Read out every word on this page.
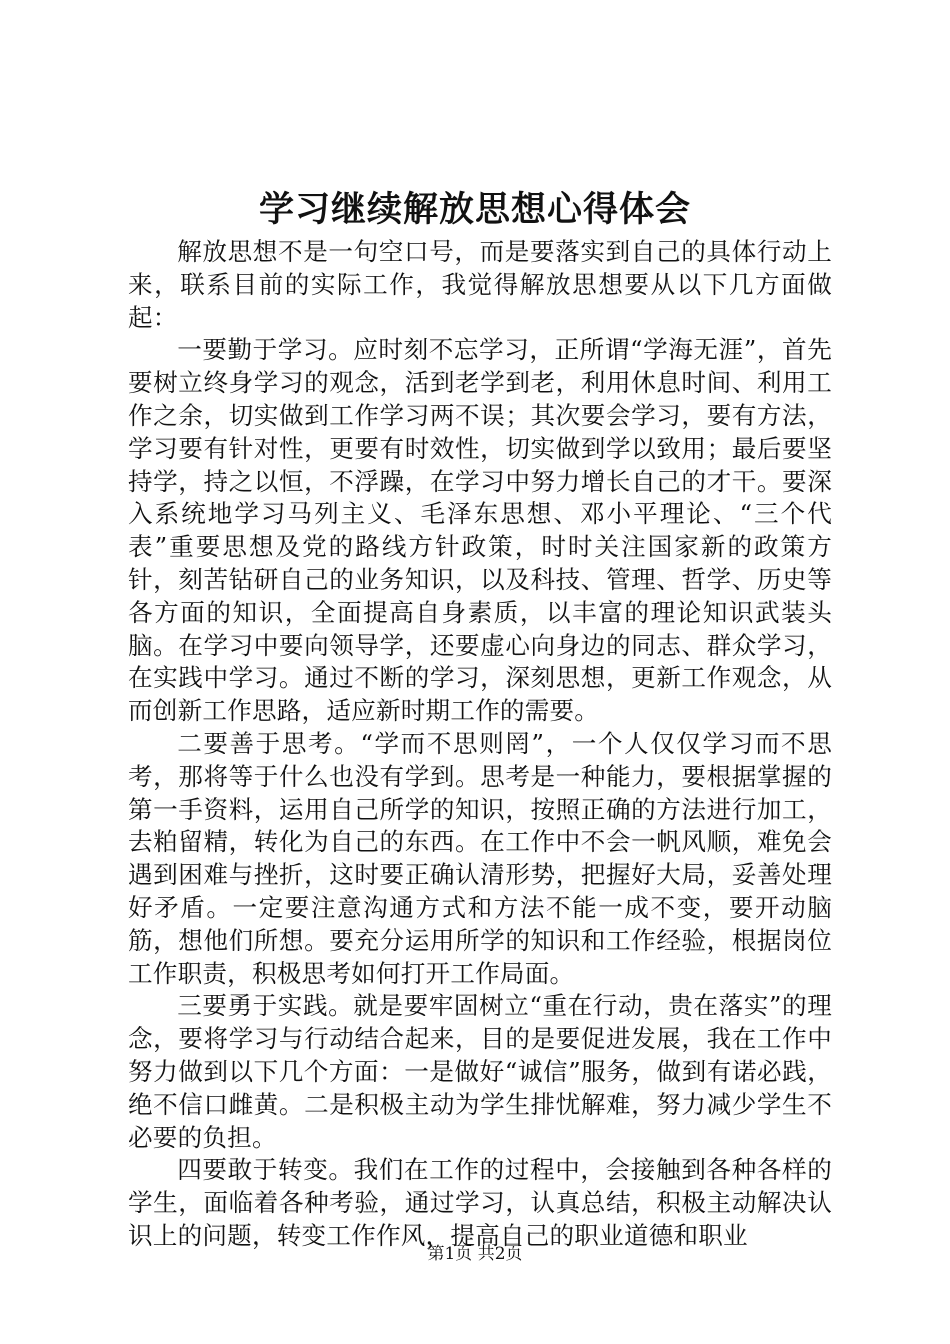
学习继续解放思想心得体会

解放思想不是一句空口号，而是要落实到自己的具体行动上来，联系目前的实际工作，我觉得解放思想要从以下几方面做起：

一要勤于学习。应时刻不忘学习，正所谓“学海无涯”，首先要树立终身学习的观念，活到老学到老，利用休息时间、利用工作之余，切实做到工作学习两不误；其次要会学习，要有方法，学习要有针对性，更要有时效性，切实做到学以致用；最后要坚持学，持之以恒，不浮躁，在学习中努力增长自己的才干。要深入系统地学习马列主义、毛泽东思想、邓小平理论、“三个代表”重要思想及党的路线方针政策，时时关注国家新的政策方针，刻苦钻研自己的业务知识，以及科技、管理、哲学、历史等各方面的知识，全面提高自身素质，以丰富的理论知识武装头脑。在学习中要向领导学，还要虚心向身边的同志、群众学习，在实践中学习。通过不断的学习，深刻思想，更新工作观念，从而创新工作思路，适应新时期工作的需要。

二要善于思考。“学而不思则罔”，一个人仅仅学习而不思考，那将等于什么也没有学到。思考是一种能力，要根据掌握的第一手资料，运用自己所学的知识，按照正确的方法进行加工，去粕留精，转化为自己的东西。在工作中不会一帆风顺，难免会遇到困难与挫折，这时要正确认清形势，把握好大局，妥善处理好矛盾。一定要注意沟通方式和方法不能一成不变，要开动脑筋，想他们所想。要充分运用所学的知识和工作经验，根据岗位工作职责，积极思考如何打开工作局面。

三要勇于实践。就是要牢固树立“重在行动，贵在落实”的理念，要将学习与行动结合起来，目的是要促进发展，我在工作中努力做到以下几个方面：一是做好“诚信”服务，做到有诺必践，绝不信口雌黄。二是积极主动为学生排忧解难，努力减少学生不必要的负担。

四要敢于转变。我们在工作的过程中，会接触到各种各样的学生，面临着各种考验，通过学习，认真总结，积极主动解决认识上的问题，转变工作作风，提高自己的职业道德和职业

第1页 共2页
